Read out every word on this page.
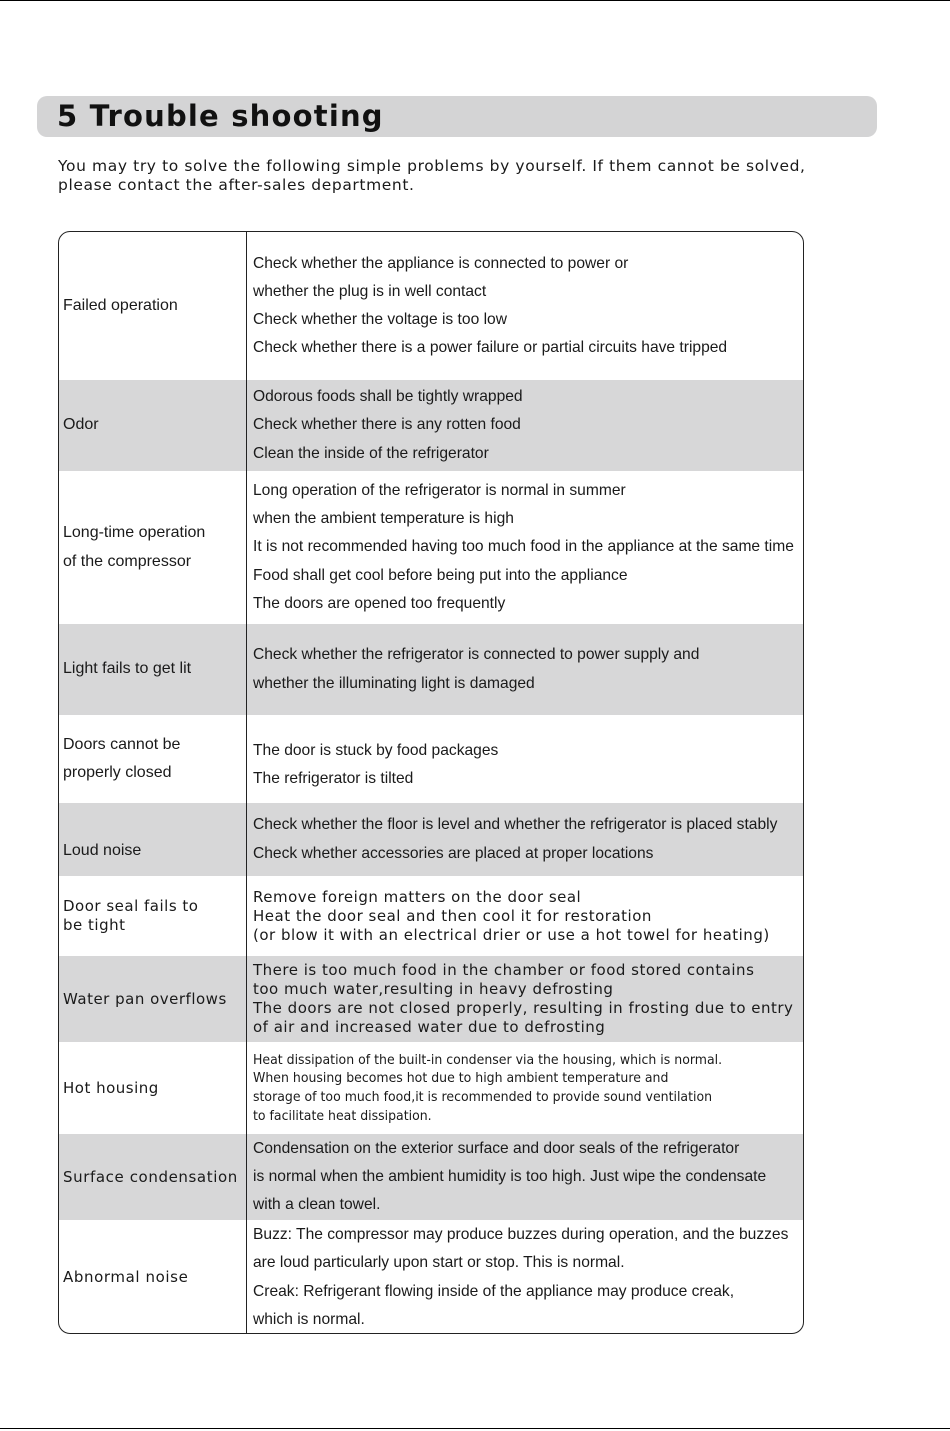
5 Trouble shooting

You may try to solve the following simple problems by yourself. If them cannot be solved, please contact the after-sales department.

Failed operation
Check whether the appliance is connected to power or
whether the plug is in well contact
Check whether the voltage is too low
Check whether there is a power failure or partial circuits have tripped
Odor
Odorous foods shall be tightly wrapped
Check whether there is any rotten food
Clean the inside of the refrigerator
Long-time operation
of the compressor
Long operation of the refrigerator is normal in summer
when the ambient temperature is high
It is not recommended having too much food in the appliance at the same time
Food shall get cool before being put into the appliance
The doors are opened too frequently
Light fails to get lit
Check whether the refrigerator is connected to power supply and
whether the illuminating light is damaged
Doors cannot be
properly closed
The door is stuck by food packages
The refrigerator is tilted
Loud noise
Check whether the floor is level and whether the refrigerator is placed stably
Check whether accessories are placed at proper locations
Door seal fails to
be tight
Remove foreign matters on the door seal
Heat the door seal and then cool it for restoration
(or blow it with an electrical drier or use a hot towel for heating)
Water pan overflows
There is too much food in the chamber or food stored contains
too much water,resulting in heavy defrosting
The doors are not closed properly, resulting in frosting due to entry
of air and increased water due to defrosting
Hot housing
Heat dissipation of the built-in condenser via the housing, which is normal.
When housing becomes hot due to high ambient temperature and
storage of too much food,it is recommended to provide sound ventilation
to facilitate heat dissipation.
Surface condensation
Condensation on the exterior surface and door seals of the refrigerator
is normal when the ambient humidity is too high. Just wipe the condensate
with a clean towel.
Abnormal noise
Buzz: The compressor may produce buzzes during operation, and the buzzes
are loud particularly upon start or stop. This is normal.
Creak: Refrigerant flowing inside of the appliance may produce creak,
which is normal.
